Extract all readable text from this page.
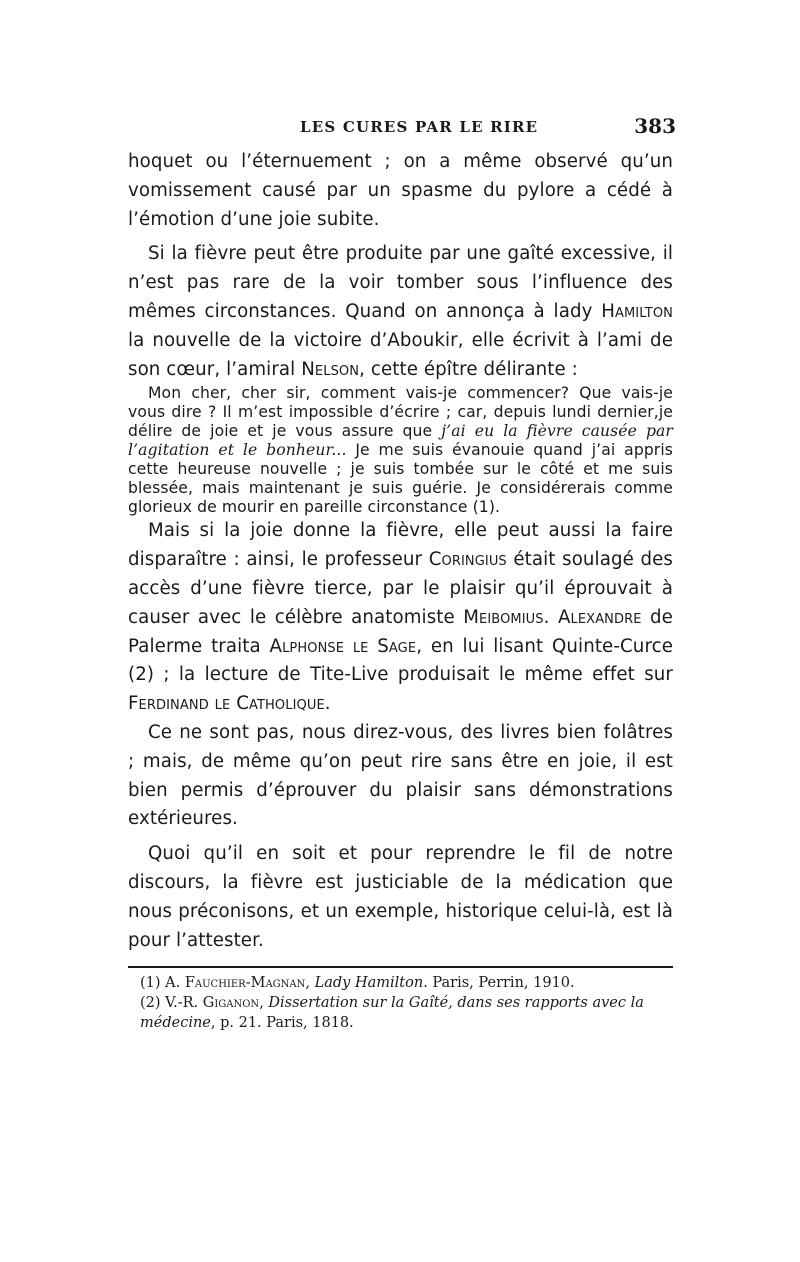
LES CURES PAR LE RIRE	383

hoquet ou l’éternuement ; on a même observé qu’un vomissement causé par un spasme du pylore a cédé à l’émotion d’une joie subite.

Si la fièvre peut être produite par une gaîté excessive, il n’est pas rare de la voir tomber sous l’influence des mêmes circonstances. Quand on annonça à lady Hamilton la nouvelle de la victoire d’Aboukir, elle écrivit à l’ami de son cœur, l’amiral Nelson, cette épître délirante :

Mon cher, cher sir, comment vais-je commencer? Que vais-je vous dire ? Il m’est impossible d’écrire ; car, depuis lundi dernier,je délire de joie et je vous assure que j’ai eu la fièvre causée par l’agitation et le bonheur... Je me suis évanouie quand j’ai appris cette heureuse nouvelle ; je suis tombée sur le côté et me suis blessée, mais maintenant je suis guérie. Je considérerais comme glorieux de mourir en pareille circonstance (1).

Mais si la joie donne la fièvre, elle peut aussi la faire disparaître : ainsi, le professeur Coringius était soulagé des accès d’une fièvre tierce, par le plaisir qu’il éprouvait à causer avec le célèbre anatomiste Meibomius. Alexandre de Palerme traita Alphonse le Sage, en lui lisant Quinte-Curce (2) ; la lecture de Tite-Live produisait le même effet sur Ferdinand le Catholique.

Ce ne sont pas, nous direz-vous, des livres bien folâtres ; mais, de même qu’on peut rire sans être en joie, il est bien permis d’éprouver du plaisir sans démonstrations extérieures.

Quoi qu’il en soit et pour reprendre le fil de notre discours, la fièvre est justiciable de la médication que nous préconisons, et un exemple, historique celui-là, est là pour l’attester.

(1) A. Fauchier-Magnan, Lady Hamilton. Paris, Perrin, 1910.

(2) V.-R. Giganon, Dissertation sur la Gaîté, dans ses rapports avec la médecine, p. 21. Paris, 1818.
